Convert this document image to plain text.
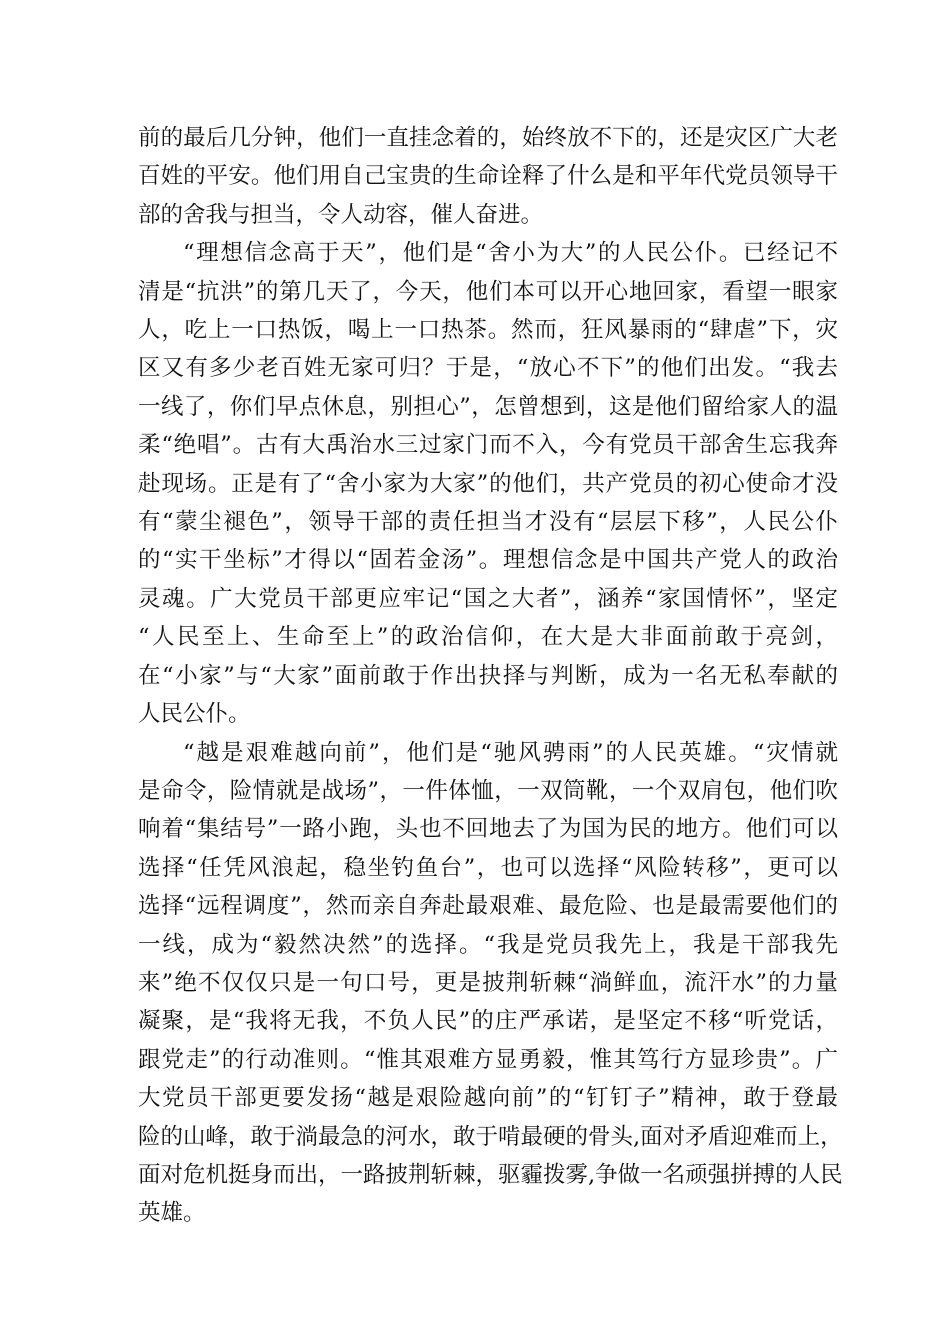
前的最后几分钟，他们一直挂念着的，始终放不下的，还是灾区广大老
百姓的平安。他们用自己宝贵的生命诠释了什么是和平年代党员领导干
部的舍我与担当，令人动容，催人奋进。
“理想信念高于天”，他们是“舍小为大”的人民公仆。已经记不
清是“抗洪”的第几天了，今天，他们本可以开心地回家，看望一眼家
人，吃上一口热饭，喝上一口热茶。然而，狂风暴雨的“肆虐”下，灾
区又有多少老百姓无家可归？于是，“放心不下”的他们出发。“我去
一线了，你们早点休息，别担心”，怎曾想到，这是他们留给家人的温
柔“绝唱”。古有大禹治水三过家门而不入，今有党员干部舍生忘我奔
赴现场。正是有了“舍小家为大家”的他们，共产党员的初心使命才没
有“蒙尘褪色”，领导干部的责任担当才没有“层层下移”，人民公仆
的“实干坐标”才得以“固若金汤”。理想信念是中国共产党人的政治
灵魂。广大党员干部更应牢记“国之大者”，涵养“家国情怀”，坚定
“人民至上、生命至上”的政治信仰，在大是大非面前敢于亮剑，
在“小家”与“大家”面前敢于作出抉择与判断，成为一名无私奉献的
人民公仆。
“越是艰难越向前”，他们是“驰风骋雨”的人民英雄。“灾情就
是命令，险情就是战场”，一件体恤，一双筒靴，一个双肩包，他们吹
响着“集结号”一路小跑，头也不回地去了为国为民的地方。他们可以
选择“任凭风浪起，稳坐钓鱼台”，也可以选择“风险转移”，更可以
选择“远程调度”，然而亲自奔赴最艰难、最危险、也是最需要他们的
一线，成为“毅然决然”的选择。“我是党员我先上，我是干部我先
来”绝不仅仅只是一句口号，更是披荆斩棘“淌鲜血，流汗水”的力量
凝聚，是“我将无我，不负人民”的庄严承诺，是坚定不移“听党话，
跟党走”的行动准则。“惟其艰难方显勇毅，惟其笃行方显珍贵”。广
大党员干部更要发扬“越是艰险越向前”的“钉钉子”精神，敢于登最
险的山峰，敢于淌最急的河水，敢于啃最硬的骨头,面对矛盾迎难而上，
面对危机挺身而出，一路披荆斩棘，驱霾拨雾,争做一名顽强拼搏的人民
英雄。
